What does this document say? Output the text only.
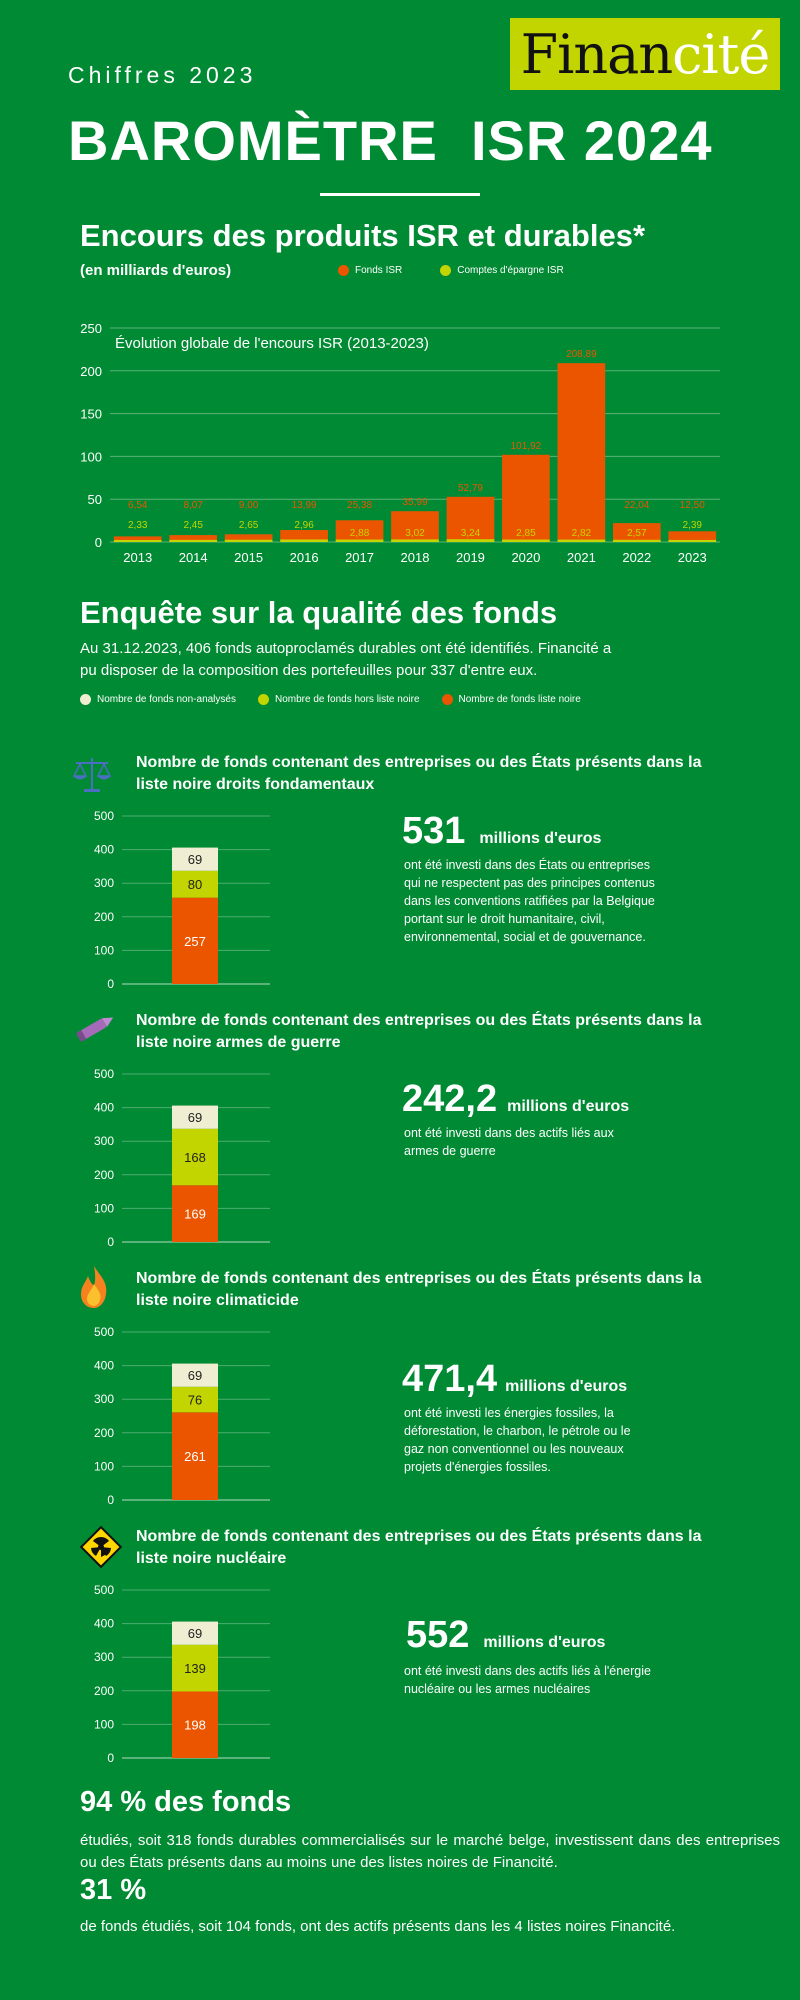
Finan cité
Chiffres 2023
BAROMÈTRE  ISR 2024
Encours des produits ISR et durables*
(en milliards d'euros)	Fonds ISR	Comptes d'épargne ISR
0
50
100
150
200
250
Évolution globale de l'encours ISR (2013-2023)
6,54
2,33
2013
8,07
2,45
2014
9,00
2,65
2015
13,99
2,96
2016
25,38
2,88
2017
35,99
3,02
2018
52,79
3,24
2019
101,92
2,85
2020
208,89
2,82
2021
22,04
2,57
2022
12,50
2,39
2023
Enquête sur la qualité des fonds
Au 31.12.2023, 406 fonds autoproclamés durables ont été identifiés. Financité a
pu disposer de la composition des portefeuilles pour 337 d'entre eux.
Nombre de fonds non-analysés	Nombre de fonds hors liste noire	Nombre de fonds liste noire
Nombre de fonds contenant des entreprises ou des États présents dans la
liste noire droits fondamentaux
0
100
200
300
400
500
257
80
69
531 millions d'euros
ont été investi dans des États ou entreprises qui ne respectent pas des principes contenus dans les conventions ratifiées par la Belgique portant sur le droit humanitaire, civil, environnemental, social et de gouvernance.
Nombre de fonds contenant des entreprises ou des États présents dans la
liste noire armes de guerre
0
100
200
300
400
500
169
168
69	242,2 millions d'euros
ont été investi dans des actifs liés aux armes de guerre
Nombre de fonds contenant des entreprises ou des États présents dans la
liste noire climaticide
0
100
200
300
400
500
261
76
69	471,4 millions d'euros
ont été investi les énergies fossiles, la déforestation, le charbon, le pétrole ou le gaz non conventionnel ou les nouveaux projets d'énergies fossiles.
Nombre de fonds contenant des entreprises ou des États présents dans la
liste noire nucléaire
0
100
200
300
400
500
198
139
69	552 millions d'euros
ont été investi dans des actifs liés à l'énergie nucléaire ou les armes nucléaires
94 % des fonds
étudiés, soit 318 fonds durables commercialisés sur le marché belge, investissent dans des entreprises ou des États présents dans au moins une des listes noires de Financité.
31 %
de fonds étudiés, soit 104 fonds, ont des actifs présents dans les 4 listes noires Financité.
